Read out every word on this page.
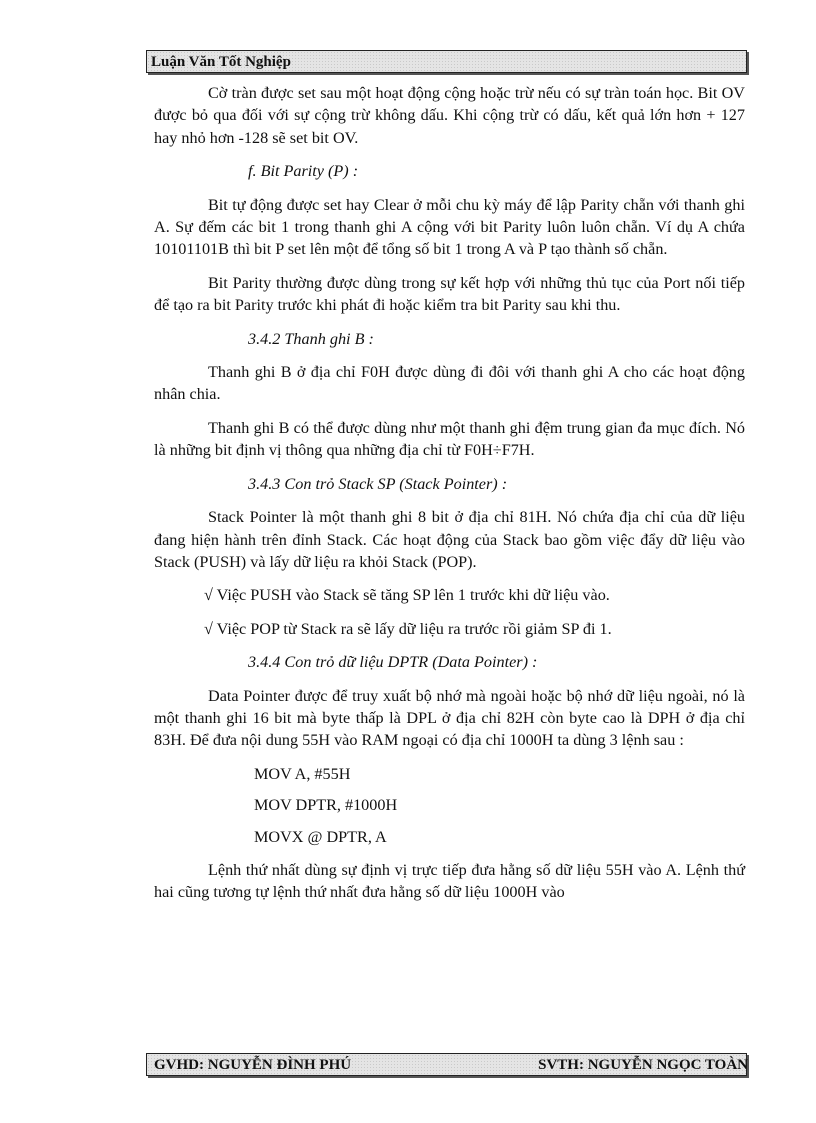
Luận Văn Tốt Nghiệp

Cờ tràn được set sau một hoạt động cộng hoặc trừ nếu có sự tràn toán học. Bit OV được bỏ qua đối với sự cộng trừ không dấu. Khi cộng trừ có dấu, kết quả lớn hơn + 127 hay nhỏ hơn -128 sẽ set bit OV.

f. Bit Parity (P) :

Bit tự động được set hay Clear ở mỗi chu kỳ máy để lập Parity chẵn với thanh ghi A. Sự đếm các bit 1 trong thanh ghi A cộng với bit Parity luôn luôn chẵn. Ví dụ A chứa 10101101B thì bit P set lên một để tổng số bit 1 trong A và P tạo thành số chẵn.

Bit Parity thường được dùng trong sự kết hợp với những thủ tục của Port nối tiếp để tạo ra bit Parity trước khi phát đi hoặc kiểm tra bit Parity sau khi thu.

3.4.2 Thanh ghi B :

Thanh ghi B ở địa chỉ F0H được dùng đi đôi với thanh ghi A cho các hoạt động nhân chia.

Thanh ghi B có thể được dùng như một thanh ghi đệm trung gian đa mục đích. Nó là những bit định vị thông qua những địa chỉ từ F0H÷F7H.

3.4.3 Con trỏ Stack SP (Stack Pointer) :

Stack Pointer là một thanh ghi 8 bit ở địa chỉ 81H. Nó chứa địa chỉ của dữ liệu đang hiện hành trên đỉnh Stack. Các hoạt động của Stack bao gồm việc đẩy dữ liệu vào Stack (PUSH) và lấy dữ liệu ra khỏi Stack (POP).

√ Việc PUSH vào Stack sẽ tăng SP lên 1 trước khi dữ liệu vào.

√ Việc POP từ Stack ra sẽ lấy dữ liệu ra trước rồi giảm SP đi 1.

3.4.4 Con trỏ dữ liệu DPTR (Data Pointer) :

Data Pointer được để truy xuất bộ nhớ mà ngoài hoặc bộ nhớ dữ liệu ngoài, nó là một thanh ghi 16 bit mà byte thấp là DPL ở địa chỉ 82H còn byte cao là DPH ở địa chỉ 83H. Để đưa nội dung 55H vào RAM ngoại có địa chỉ 1000H ta dùng 3 lệnh sau :

MOV A, #55H

MOV DPTR, #1000H

MOVX @ DPTR, A

Lệnh thứ nhất dùng sự định vị trực tiếp đưa hằng số dữ liệu 55H vào A. Lệnh thứ hai cũng tương tự lệnh thứ nhất đưa hằng số dữ liệu 1000H vào

GVHD: NGUYỄN ĐÌNH PHÚ	SVTH: NGUYỄN NGỌC TOÀN
